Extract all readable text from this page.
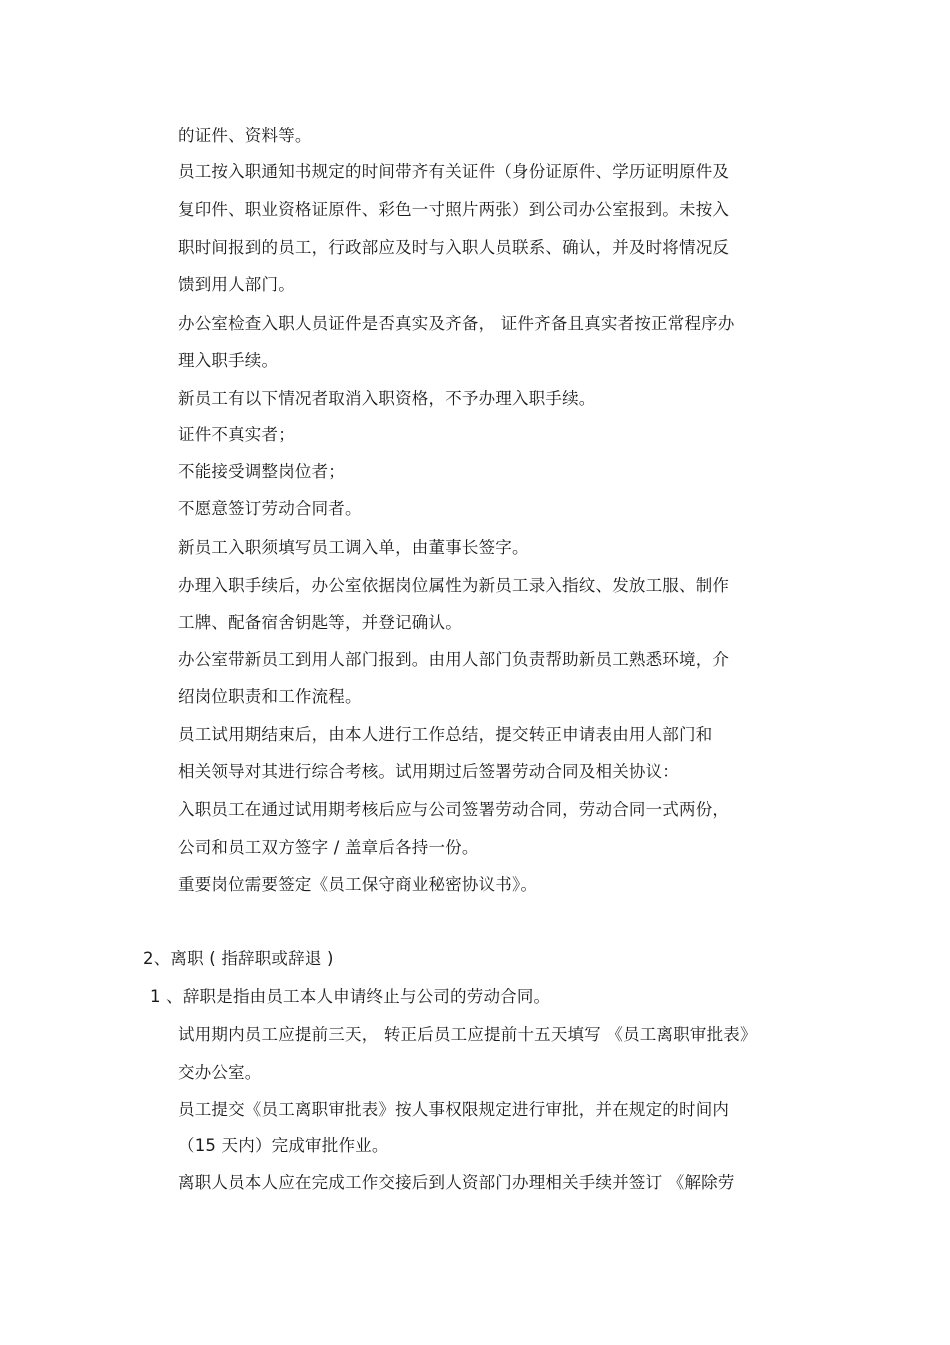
的证件、资料等。
员工按入职通知书规定的时间带齐有关证件（身份证原件、学历证明原件及
复印件、职业资格证原件、彩色一寸照片两张）到公司办公室报到。未按入
职时间报到的员工，行政部应及时与入职人员联系、确认，并及时将情况反
馈到用人部门。
办公室检查入职人员证件是否真实及齐备， 证件齐备且真实者按正常程序办
理入职手续。
新员工有以下情况者取消入职资格，不予办理入职手续。
证件不真实者；
不能接受调整岗位者；
不愿意签订劳动合同者。
新员工入职须填写员工调入单，由董事长签字。
办理入职手续后，办公室依据岗位属性为新员工录入指纹、发放工服、制作
工牌、配备宿舍钥匙等，并登记确认。
办公室带新员工到用人部门报到。由用人部门负责帮助新员工熟悉环境，介
绍岗位职责和工作流程。
员工试用期结束后，由本人进行工作总结，提交转正申请表由用人部门和
相关领导对其进行综合考核。试用期过后签署劳动合同及相关协议：
入职员工在通过试用期考核后应与公司签署劳动合同，劳动合同一式两份，
公司和员工双方签字 / 盖章后各持一份。
重要岗位需要签定《员工保守商业秘密协议书》。
2、离职 ( 指辞职或辞退 )
1 、辞职是指由员工本人申请终止与公司的劳动合同。
试用期内员工应提前三天， 转正后员工应提前十五天填写 《员工离职审批表》
交办公室。
员工提交《员工离职审批表》按人事权限规定进行审批，并在规定的时间内
（15 天内）完成审批作业。
离职人员本人应在完成工作交接后到人资部门办理相关手续并签订 《解除劳
